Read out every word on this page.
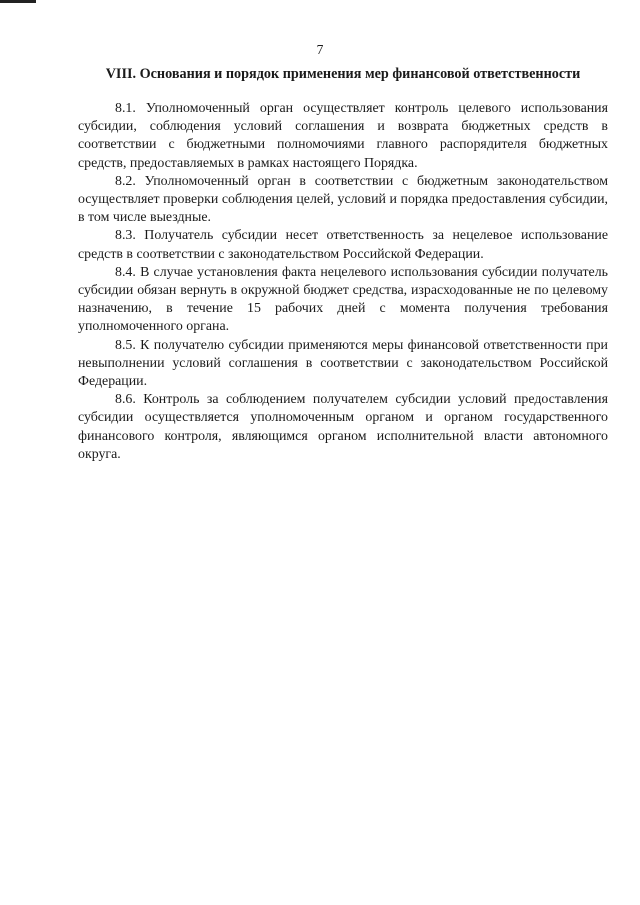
7
VIII. Основания и порядок применения мер финансовой ответственности

8.1. Уполномоченный орган осуществляет контроль целевого использования субсидии, соблюдения условий соглашения и возврата бюджетных средств в соответствии с бюджетными полномочиями главного распорядителя бюджетных средств, предоставляемых в рамках настоящего Порядка.

8.2. Уполномоченный орган в соответствии с бюджетным законодательством осуществляет проверки соблюдения целей, условий и порядка предоставления субсидии, в том числе выездные.

8.3. Получатель субсидии несет ответственность за нецелевое использование средств в соответствии с законодательством Российской Федерации.

8.4. В случае установления факта нецелевого использования субсидии получатель субсидии обязан вернуть в окружной бюджет средства, израсходованные не по целевому назначению, в течение 15 рабочих дней с момента получения требования уполномоченного органа.

8.5. К получателю субсидии применяются меры финансовой ответственности при невыполнении условий соглашения в соответствии с законодательством Российской Федерации.

8.6. Контроль за соблюдением получателем субсидии условий предоставления субсидии осуществляется уполномоченным органом и органом государственного финансового контроля, являющимся органом исполнительной власти автономного округа.
